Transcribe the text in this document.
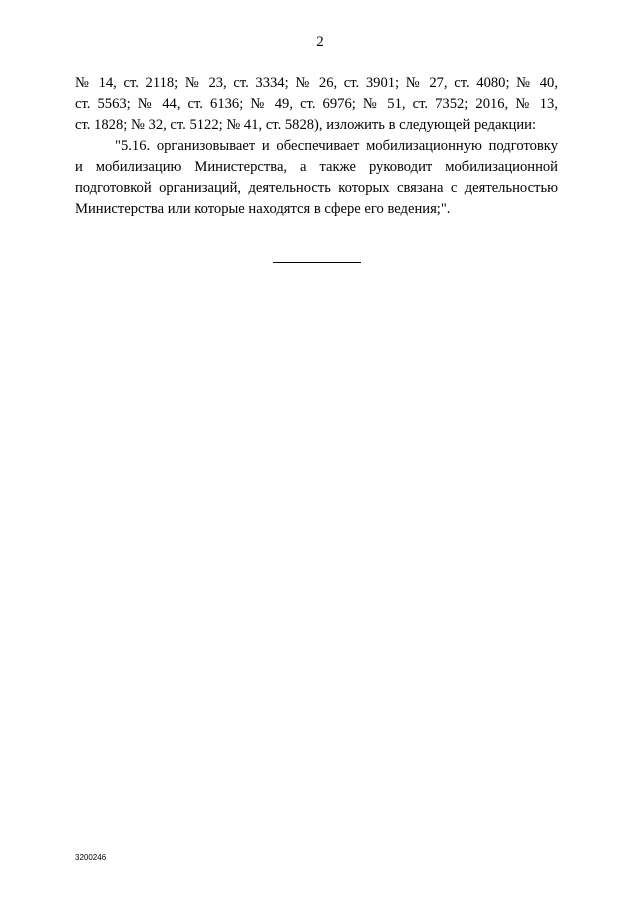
2
№ 14, ст. 2118; № 23, ст. 3334; № 26, ст. 3901; № 27, ст. 4080; № 40,
ст. 5563; № 44, ст. 6136; № 49, ст. 6976; № 51, ст. 7352; 2016, № 13,
ст. 1828; № 32, ст. 5122; № 41, ст. 5828), изложить в следующей редакции:
"5.16. организовывает и обеспечивает мобилизационную подготовку
и мобилизацию Министерства, а также руководит мобилизационной
подготовкой организаций, деятельность которых связана с деятельностью
Министерства или которые находятся в сфере его ведения;".
3200246
